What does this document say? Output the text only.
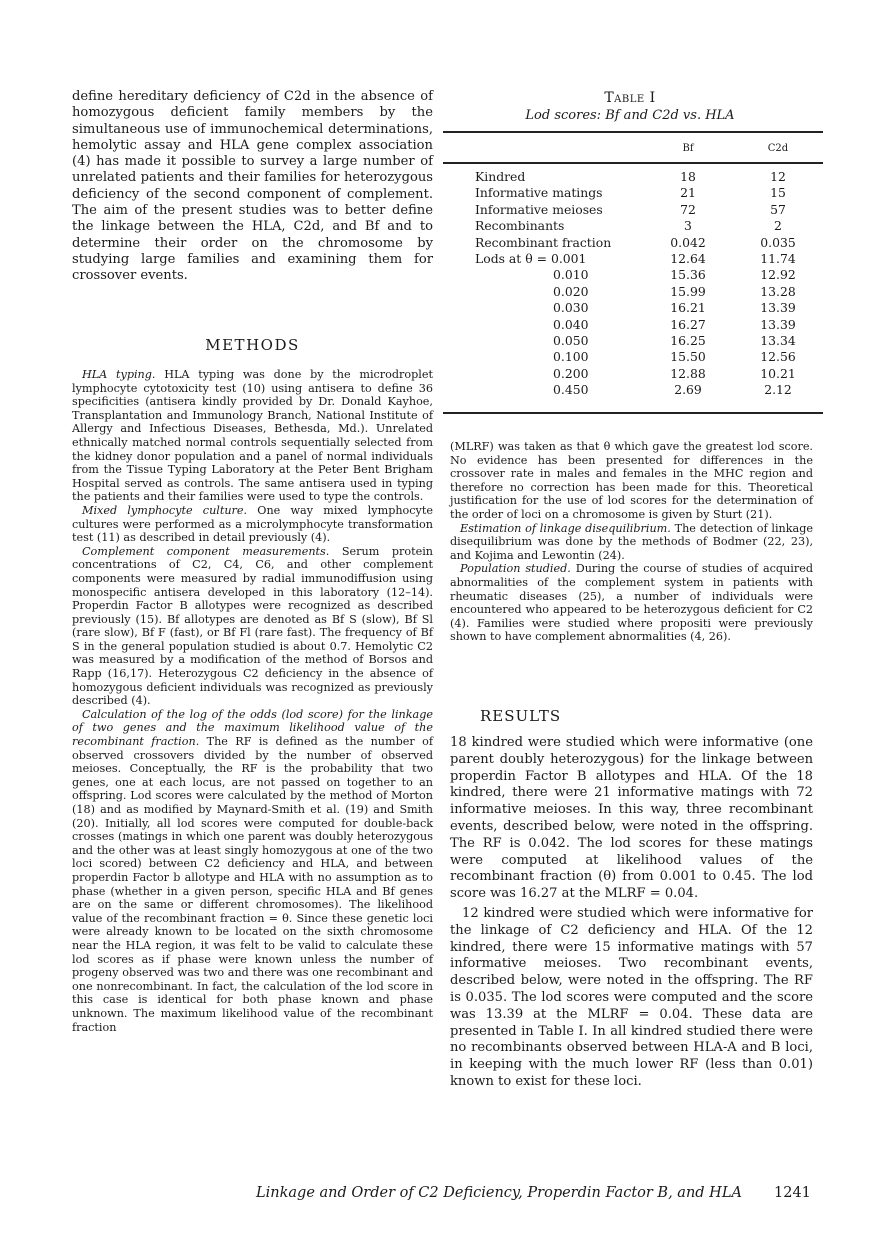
define hereditary deficiency of C2d in the absence of homozygous deficient family members by the simultaneous use of immunochemical determinations, hemolytic assay and HLA gene complex association (4) has made it possible to survey a large number of unrelated patients and their families for heterozygous deficiency of the second component of complement. The aim of the present studies was to better define the linkage between the HLA, C2d, and Bf and to determine their order on the chromosome by studying large families and examining them for crossover events.
METHODS

HLA typing. HLA typing was done by the microdroplet lymphocyte cytotoxicity test (10) using antisera to define 36 specificities (antisera kindly provided by Dr. Donald Kayhoe, Transplantation and Immunology Branch, National Institute of Allergy and Infectious Diseases, Bethesda, Md.). Unrelated ethnically matched normal controls sequentially selected from the kidney donor population and a panel of normal individuals from the Tissue Typing Laboratory at the Peter Bent Brigham Hospital served as controls. The same antisera used in typing the patients and their families were used to type the controls.

Mixed lymphocyte culture. One way mixed lymphocyte cultures were performed as a microlymphocyte transformation test (11) as described in detail previously (4).

Complement component measurements. Serum protein concentrations of C2, C4, C6, and other complement components were measured by radial immunodiffusion using monospecific antisera developed in this laboratory (12–14). Properdin Factor B allotypes were recognized as described previously (15). Bf allotypes are denoted as Bf S (slow), Bf Sl (rare slow), Bf F (fast), or Bf Fl (rare fast). The frequency of Bf S in the general population studied is about 0.7. Hemolytic C2 was measured by a modification of the method of Borsos and Rapp (16,17). Heterozygous C2 deficiency in the absence of homozygous deficient individuals was recognized as previously described (4).

Calculation of the log of the odds (lod score) for the linkage of two genes and the maximum likelihood value of the recombinant fraction. The RF is defined as the number of observed crossovers divided by the number of observed meioses. Conceptually, the RF is the probability that two genes, one at each locus, are not passed on together to an offspring. Lod scores were calculated by the method of Morton (18) and as modified by Maynard-Smith et al. (19) and Smith (20). Initially, all lod scores were computed for double-back crosses (matings in which one parent was doubly heterozygous and the other was at least singly homozygous at one of the two loci scored) between C2 deficiency and HLA, and between properdin Factor b allotype and HLA with no assumption as to phase (whether in a given person, specific HLA and Bf genes are on the same or different chromosomes). The likelihood value of the recombinant fraction = θ. Since these genetic loci were already known to be located on the sixth chromosome near the HLA region, it was felt to be valid to calculate these lod scores as if phase were known unless the number of progeny observed was two and there was one recombinant and one nonrecombinant. In fact, the calculation of the lod score in this case is identical for both phase known and phase unknown. The maximum likelihood value of the recombinant fraction

Table I
Lod scores: Bf and C2d vs. HLA
	Bf	C2d
Kindred	18	12
Informative matings	21	15
Informative meioses	72	57
Recombinants	3	2
Recombinant fraction	0.042	0.035
Lods at θ = 0.001	12.64	11.74
0.010	15.36	12.92
0.020	15.99	13.28
0.030	16.21	13.39
0.040	16.27	13.39
0.050	16.25	13.34
0.100	15.50	12.56
0.200	12.88	10.21
0.450	2.69	2.12

(MLRF) was taken as that θ which gave the greatest lod score. No evidence has been presented for differences in the crossover rate in males and females in the MHC region and therefore no correction has been made for this. Theoretical justification for the use of lod scores for the determination of the order of loci on a chromosome is given by Sturt (21).

Estimation of linkage disequilibrium. The detection of linkage disequilibrium was done by the methods of Bodmer (22, 23), and Kojima and Lewontin (24).

Population studied. During the course of studies of acquired abnormalities of the complement system in patients with rheumatic diseases (25), a number of individuals were encountered who appeared to be heterozygous deficient for C2 (4). Families were studied where propositi were previously shown to have complement abnormalities (4, 26).

RESULTS

18 kindred were studied which were informative (one parent doubly heterozygous) for the linkage between properdin Factor B allotypes and HLA. Of the 18 kindred, there were 21 informative matings with 72 informative meioses. In this way, three recombinant events, described below, were noted in the offspring. The RF is 0.042. The lod scores for these matings were computed at likelihood values of the recombinant fraction (θ) from 0.001 to 0.45. The lod score was 16.27 at the MLRF = 0.04.

12 kindred were studied which were informative for the linkage of C2 deficiency and HLA. Of the 12 kindred, there were 15 informative matings with 57 informative meioses. Two recombinant events, described below, were noted in the offspring. The RF is 0.035. The lod scores were computed and the score was 13.39 at the MLRF = 0.04. These data are presented in Table I. In all kindred studied there were no recombinants observed between HLA-A and B loci, in keeping with the much lower RF (less than 0.01) known to exist for these loci.

Linkage and Order of C2 Deficiency, Properdin Factor B, and HLA 1241
